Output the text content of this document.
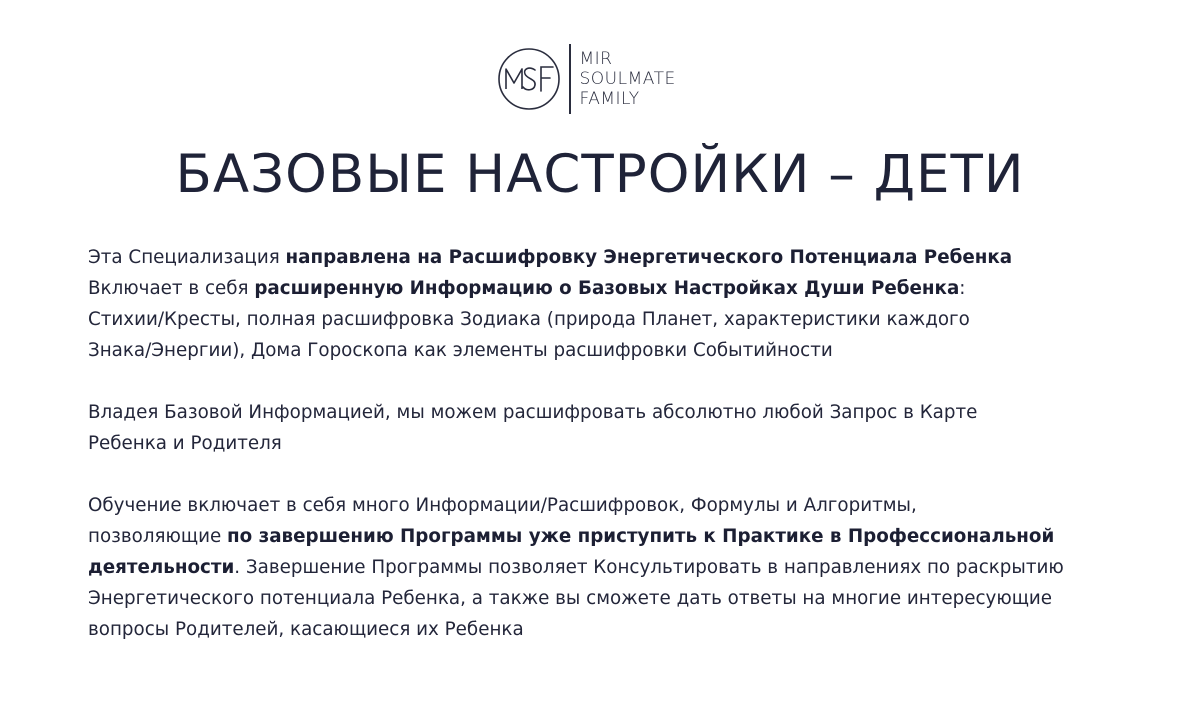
MIR
SOULMATE
FAMILY
БАЗОВЫЕ НАСТРОЙКИ – ДЕТИ
Эта Специализация направлена на Расшифровку Энергетического Потенциала Ребенка
Включает в себя расширенную Информацию о Базовых Настройках Души Ребенка:
Стихии/Кресты, полная расшифровка Зодиака (природа Планет, характеристики каждого
Знака/Энергии), Дома Гороскопа как элементы расшифровки Событийности
Владея Базовой Информацией, мы можем расшифровать абсолютно любой Запрос в Карте
Ребенка и Родителя
Обучение включает в себя много Информации/Расшифровок, Формулы и Алгоритмы,
позволяющие по завершению Программы уже приступить к Практике в Профессиональной
деятельности. Завершение Программы позволяет Консультировать в направлениях по раскрытию
Энергетического потенциала Ребенка, а также вы сможете дать ответы на многие интересующие
вопросы Родителей, касающиеся их Ребенка
